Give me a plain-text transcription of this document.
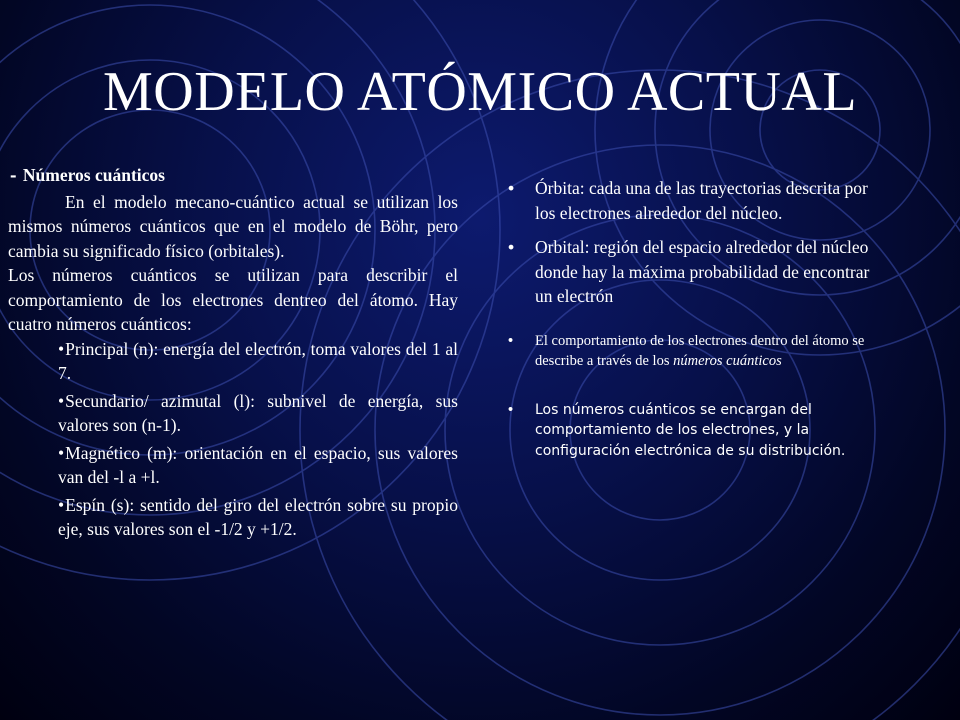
MODELO ATÓMICO ACTUAL

- Números cuánticos

En el modelo mecano-cuántico actual se utilizan los mismos números cuánticos que en el modelo de Böhr, pero cambia su significado físico (orbitales).

Los números cuánticos se utilizan para describir el comportamiento de los electrones dentreo del átomo. Hay cuatro números cuánticos:

•Principal (n): energía del electrón, toma valores del 1 al 7.
•Secundario/ azimutal (l): subnivel de energía, sus valores son (n-1).
•Magnético (m): orientación en el espacio, sus valores van del -l a +l.
•Espín (s): sentido del giro del electrón sobre su propio eje, sus valores son el -1/2 y +1/2.
• Órbita: cada una de las trayectorias descrita por los electrones alrededor del núcleo.
• Orbital: región del espacio alrededor del núcleo donde hay la máxima probabilidad de encontrar un electrón
• El comportamiento de los electrones dentro del átomo se describe a través de los números cuánticos
• Los números cuánticos se encargan del comportamiento de los electrones, y la configuración electrónica de su distribución.
